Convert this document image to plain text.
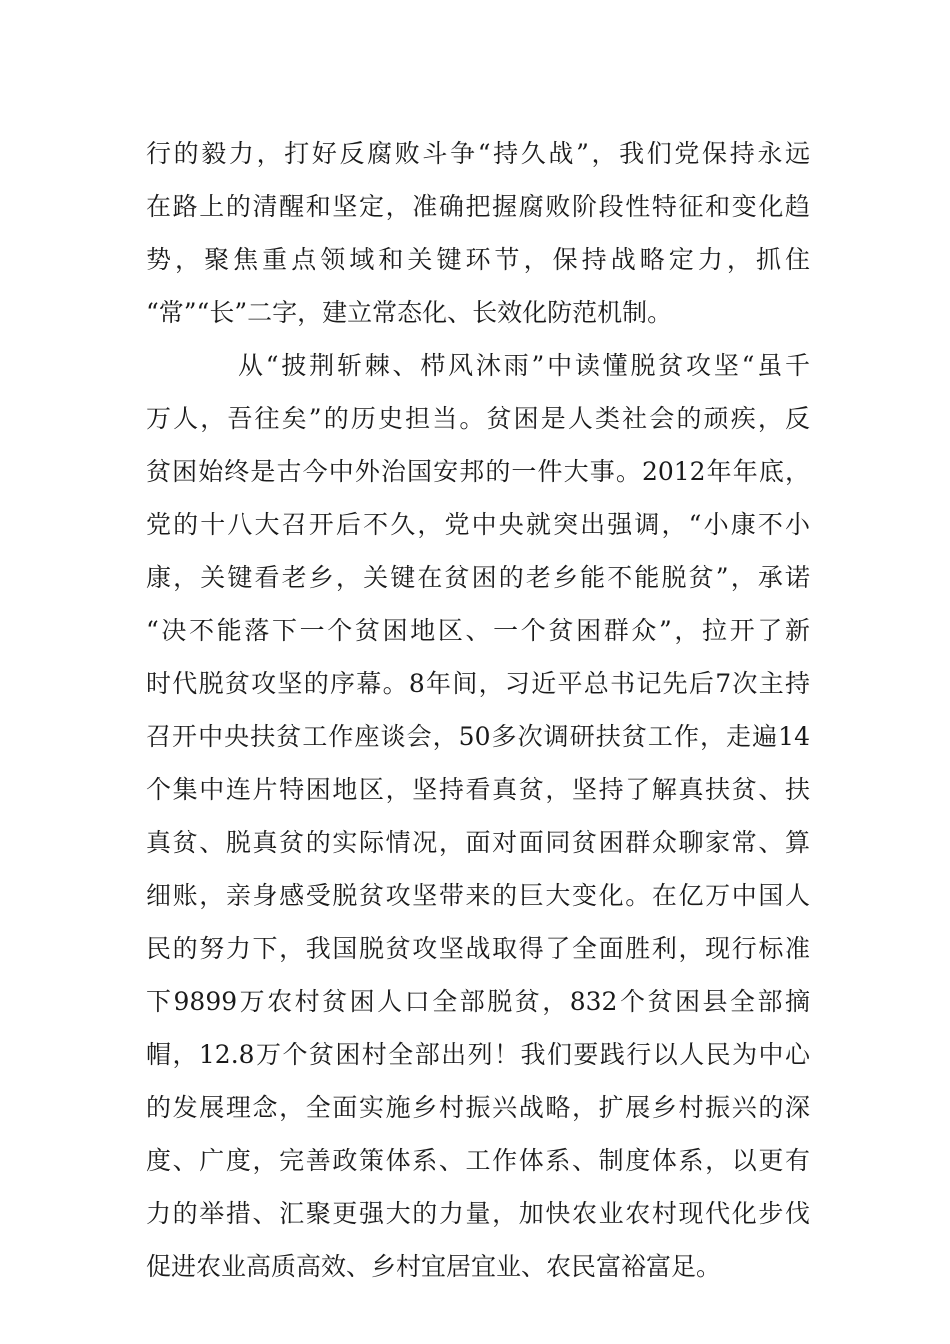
行的毅力，打好反腐败斗争“持久战”，我们党保持永远
在路上的清醒和坚定，准确把握腐败阶段性特征和变化趋
势，聚焦重点领域和关键环节，保持战略定力，抓住
“常”“长”二字，建立常态化、长效化防范机制。
从“披荆斩棘、栉风沐雨”中读懂脱贫攻坚“虽千
万人，吾往矣”的历史担当。贫困是人类社会的顽疾，反
贫困始终是古今中外治国安邦的一件大事。2012年年底，
党的十八大召开后不久，党中央就突出强调，“小康不小
康，关键看老乡，关键在贫困的老乡能不能脱贫”，承诺
“决不能落下一个贫困地区、一个贫困群众”，拉开了新
时代脱贫攻坚的序幕。8年间，习近平总书记先后7次主持
召开中央扶贫工作座谈会，50多次调研扶贫工作，走遍14
个集中连片特困地区，坚持看真贫，坚持了解真扶贫、扶
真贫、脱真贫的实际情况，面对面同贫困群众聊家常、算
细账，亲身感受脱贫攻坚带来的巨大变化。在亿万中国人
民的努力下，我国脱贫攻坚战取得了全面胜利，现行标准
下9899万农村贫困人口全部脱贫，832个贫困县全部摘
帽，12.8万个贫困村全部出列！我们要践行以人民为中心
的发展理念，全面实施乡村振兴战略，扩展乡村振兴的深
度、广度，完善政策体系、工作体系、制度体系，以更有
力的举措、汇聚更强大的力量，加快农业农村现代化步伐
促进农业高质高效、乡村宜居宜业、农民富裕富足。
